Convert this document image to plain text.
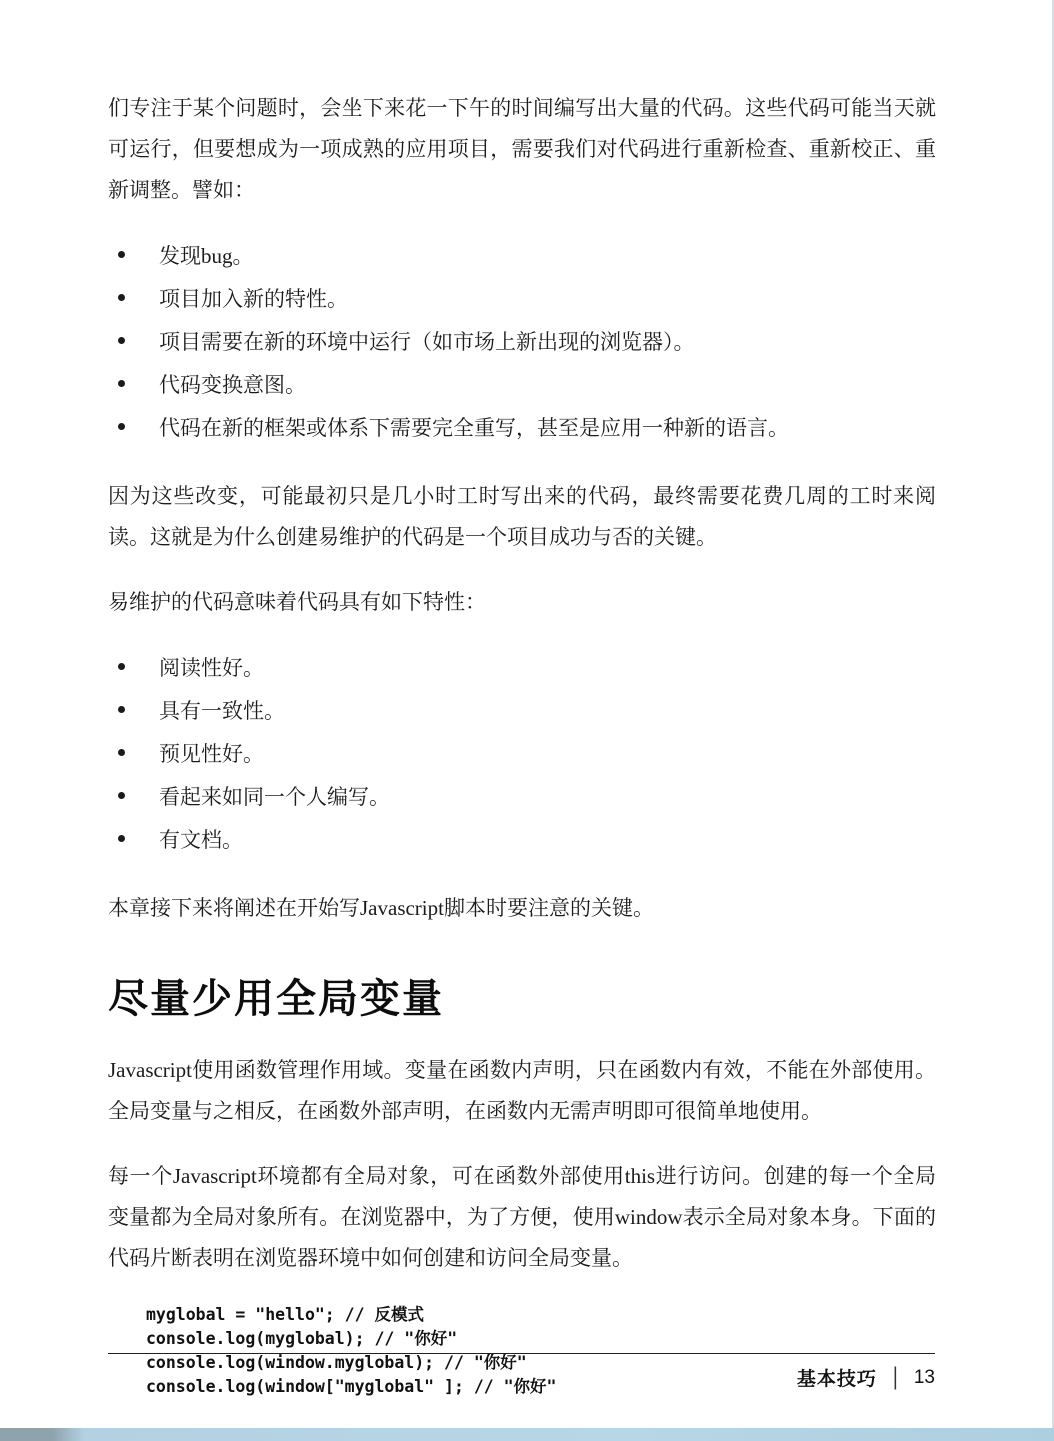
们专注于某个问题时，会坐下来花一下午的时间编写出大量的代码。这些代码可能当天就可运行，但要想成为一项成熟的应用项目，需要我们对代码进行重新检查、重新校正、重新调整。譬如：

发现bug。
项目加入新的特性。
项目需要在新的环境中运行（如市场上新出现的浏览器）。
代码变换意图。
代码在新的框架或体系下需要完全重写，甚至是应用一种新的语言。

因为这些改变，可能最初只是几小时工时写出来的代码，最终需要花费几周的工时来阅读。这就是为什么创建易维护的代码是一个项目成功与否的关键。

易维护的代码意味着代码具有如下特性：

阅读性好。
具有一致性。
预见性好。
看起来如同一个人编写。
有文档。

本章接下来将阐述在开始写Javascript脚本时要注意的关键。

尽量少用全局变量

Javascript使用函数管理作用域。变量在函数内声明，只在函数内有效，不能在外部使用。全局变量与之相反，在函数外部声明，在函数内无需声明即可很简单地使用。

每一个Javascript环境都有全局对象，可在函数外部使用this进行访问。创建的每一个全局变量都为全局对象所有。在浏览器中，为了方便，使用window表示全局对象本身。下面的代码片断表明在浏览器环境中如何创建和访问全局变量。

myglobal = "hello"; // 反模式
console.log(myglobal); // "你好"
console.log(window.myglobal); // "你好"
console.log(window["myglobal" ]; // "你好"	基本技巧 | 13
